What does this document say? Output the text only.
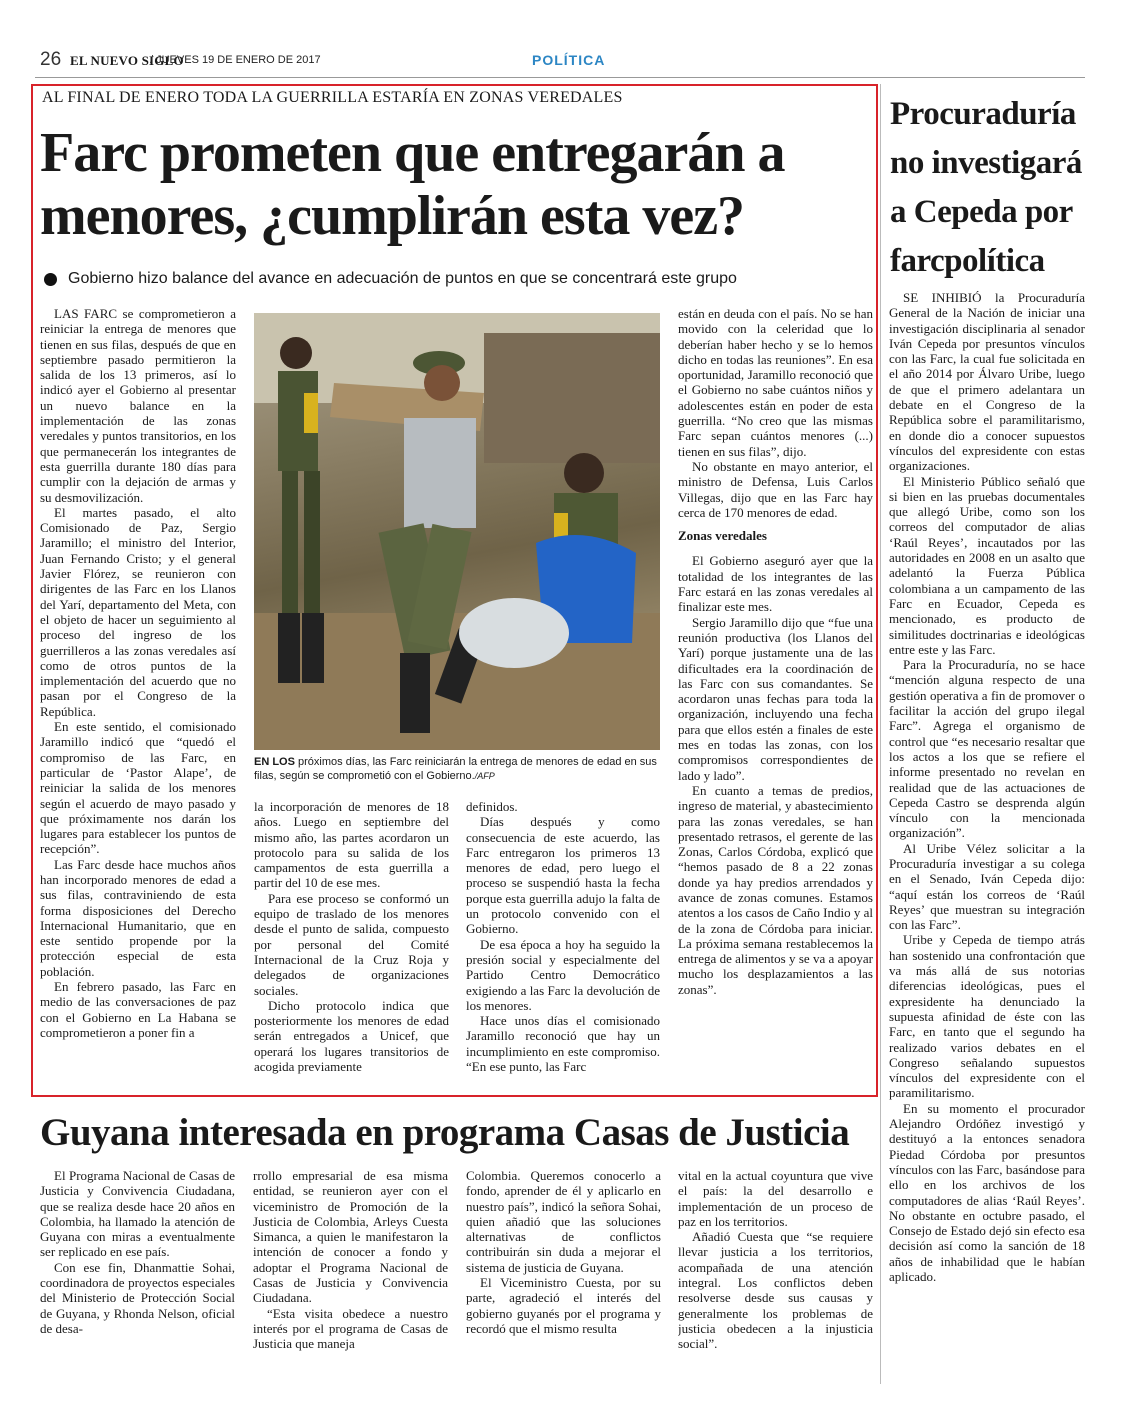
26 EL NUEVO SIGLO
/ JUEVES 19 DE ENERO DE 2017	POLÍTICA
AL FINAL DE ENERO TODA LA GUERRILLA ESTARÍA EN ZONAS VEREDALES
Farc prometen que entregarán a menores, ¿cumplirán esta vez?
Gobierno hizo balance del avance en adecuación de puntos en que se concentrará este grupo

LAS FARC se comprometieron a reiniciar la entrega de menores que tienen en sus filas, después de que en septiembre pasado permitieron la salida de los 13 primeros, así lo indicó ayer el Gobierno al presentar un nuevo balance en la implementación de las zonas veredales y puntos transitorios, en los que permanecerán los integrantes de esta guerrilla durante 180 días para cumplir con la dejación de armas y su desmovilización.

El martes pasado, el alto Comisionado de Paz, Sergio Jaramillo; el ministro del Interior, Juan Fernando Cristo; y el general Javier Flórez, se reunieron con dirigentes de las Farc en los Llanos del Yarí, departamento del Meta, con el objeto de hacer un seguimiento al proceso del ingreso de los guerrilleros a las zonas veredales así como de otros puntos de la implementación del acuerdo que no pasan por el Congreso de la República.

En este sentido, el comisionado Jaramillo indicó que “quedó el compromiso de las Farc, en particular de ‘Pastor Alape’, de reiniciar la salida de los menores según el acuerdo de mayo pasado y que próximamente nos darán los lugares para establecer los puntos de recepción”.

Las Farc desde hace muchos años han incorporado menores de edad a sus filas, contraviniendo de esta forma disposiciones del Derecho Internacional Humanitario, que en este sentido propende por la protección especial de esta población.

En febrero pasado, las Farc en medio de las conversaciones de paz con el Gobierno en La Habana se comprometieron a poner fin a

la incorporación de menores de 18 años. Luego en septiembre del mismo año, las partes acordaron un protocolo para su salida de los campamentos de esta guerrilla a partir del 10 de ese mes.

Para ese proceso se conformó un equipo de traslado de los menores desde el punto de salida, compuesto por personal del Comité Internacional de la Cruz Roja y delegados de organizaciones sociales.

Dicho protocolo indica que posteriormente los menores de edad serán entregados a Unicef, que operará los lugares transitorios de acogida previamente

definidos.

Días después y como consecuencia de este acuerdo, las Farc entregaron los primeros 13 menores de edad, pero luego el proceso se suspendió hasta la fecha porque esta guerrilla adujo la falta de un protocolo convenido con el Gobierno.

De esa época a hoy ha seguido la presión social y especialmente del Partido Centro Democrático exigiendo a las Farc la devolución de los menores.

Hace unos días el comisionado Jaramillo reconoció que hay un incumplimiento en este compromiso. “En ese punto, las Farc

están en deuda con el país. No se han movido con la celeridad que lo deberían haber hecho y se lo hemos dicho en todas las reuniones”. En esa oportunidad, Jaramillo reconoció que el Gobierno no sabe cuántos niños y adolescentes están en poder de esta guerrilla. “No creo que las mismas Farc sepan cuántos menores (...) tienen en sus filas”, dijo.

No obstante en mayo anterior, el ministro de Defensa, Luis Carlos Villegas, dijo que en las Farc hay cerca de 170 menores de edad.

Zonas veredales

El Gobierno aseguró ayer que la totalidad de los integrantes de las Farc estará en las zonas veredales al finalizar este mes.

Sergio Jaramillo dijo que “fue una reunión productiva (los Llanos del Yarí) porque justamente una de las dificultades era la coordinación de las Farc con sus comandantes. Se acordaron unas fechas para toda la organización, incluyendo una fecha para que ellos estén a finales de este mes en todas las zonas, con los compromisos correspondientes de lado y lado”.

En cuanto a temas de predios, ingreso de material, y abastecimiento para las zonas veredales, se han presentado retrasos, el gerente de las Zonas, Carlos Córdoba, explicó que “hemos pasado de 8 a 22 zonas donde ya hay predios arrendados y avance de zonas comunes. Estamos atentos a los casos de Caño Indio y al de la zona de Córdoba para iniciar. La próxima semana restablecemos la entrega de alimentos y se va a apoyar mucho los desplazamientos a las zonas”.

EN LOS próximos días, las Farc reiniciarán la entrega de menores de edad en sus filas, según se comprometió con el Gobierno./AFP
Procuraduría no investigará a Cepeda por farcpolítica

SE INHIBIÓ la Procuraduría General de la Nación de iniciar una investigación disciplinaria al senador Iván Cepeda por presuntos vínculos con las Farc, la cual fue solicitada en el año 2014 por Álvaro Uribe, luego de que el primero adelantara un debate en el Congreso de la República sobre el paramilitarismo, en donde dio a conocer supuestos vínculos del expresidente con estas organizaciones.

El Ministerio Público señaló que si bien en las pruebas documentales que allegó Uribe, como son los correos del computador de alias ‘Raúl Reyes’, incautados por las autoridades en 2008 en un asalto que adelantó la Fuerza Pública colombiana a un campamento de las Farc en Ecuador, Cepeda es mencionado, es producto de similitudes doctrinarias e ideológicas entre este y las Farc.

Para la Procuraduría, no se hace “mención alguna respecto de una gestión operativa a fin de promover o facilitar la acción del grupo ilegal Farc”. Agrega el organismo de control que “es necesario resaltar que los actos a los que se refiere el informe presentado no revelan en realidad que de las actuaciones de Cepeda Castro se desprenda algún vínculo con la mencionada organización”.

Al Uribe Vélez solicitar a la Procuraduría investigar a su colega en el Senado, Iván Cepeda dijo: “aquí están los correos de ‘Raúl Reyes’ que muestran su integración con las Farc”.

Uribe y Cepeda de tiempo atrás han sostenido una confrontación que va más allá de sus notorias diferencias ideológicas, pues el expresidente ha denunciado la supuesta afinidad de éste con las Farc, en tanto que el segundo ha realizado varios debates en el Congreso señalando supuestos vínculos del expresidente con el paramilitarismo.

En su momento el procurador Alejandro Ordóñez investigó y destituyó a la entonces senadora Piedad Córdoba por presuntos vínculos con las Farc, basándose para ello en los archivos de los computadores de alias ‘Raúl Reyes’. No obstante en octubre pasado, el Consejo de Estado dejó sin efecto esa decisión así como la sanción de 18 años de inhabilidad que le habían aplicado.

Guyana interesada en programa Casas de Justicia

El Programa Nacional de Casas de Justicia y Convivencia Ciudadana, que se realiza desde hace 20 años en Colombia, ha llamado la atención de Guyana con miras a eventualmente ser replicado en ese país.

Con ese fin, Dhanmattie Sohai, coordinadora de proyectos especiales del Ministerio de Protección Social de Guyana, y Rhonda Nelson, oficial de desa-

rrollo empresarial de esa misma entidad, se reunieron ayer con el viceministro de Promoción de la Justicia de Colombia, Arleys Cuesta Simanca, a quien le manifestaron la intención de conocer a fondo y adoptar el Programa Nacional de Casas de Justicia y Convivencia Ciudadana.

“Esta visita obedece a nuestro interés por el programa de Casas de Justicia que maneja

Colombia. Queremos conocerlo a fondo, aprender de él y aplicarlo en nuestro país”, indicó la señora Sohai, quien añadió que las soluciones alternativas de conflictos contribuirán sin duda a mejorar el sistema de justicia de Guyana.

El Viceministro Cuesta, por su parte, agradeció el interés del gobierno guyanés por el programa y recordó que el mismo resulta

vital en la actual coyuntura que vive el país: la del desarrollo e implementación de un proceso de paz en los territorios.

Añadió Cuesta que “se requiere llevar justicia a los territorios, acompañada de una atención integral. Los conflictos deben resolverse desde sus causas y generalmente los problemas de justicia obedecen a la injusticia social”.
